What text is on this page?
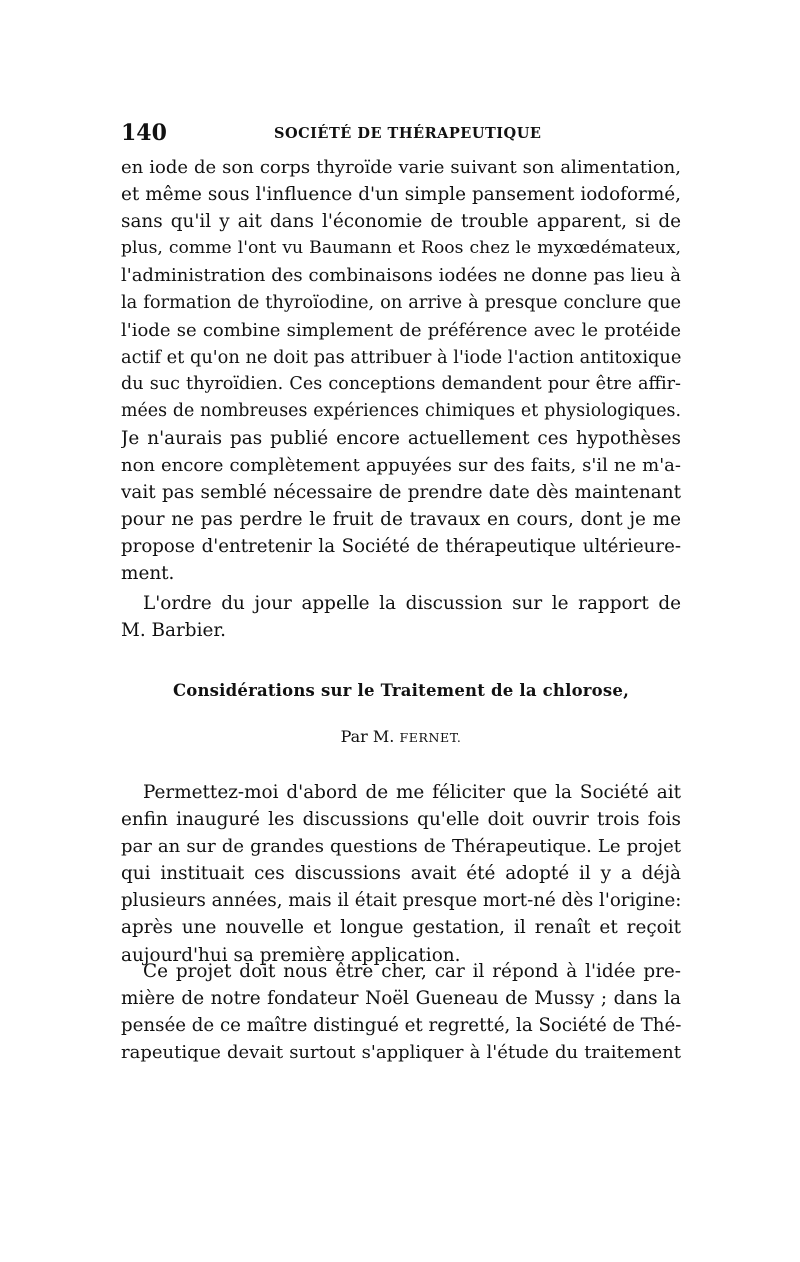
140	SOCIÉTÉ DE THÉRAPEUTIQUE
en iode de son corps thyroïde varie suivant son alimentation,
et même sous l'influence d'un simple pansement iodoformé,
sans qu'il y ait dans l'économie de trouble apparent, si de
plus, comme l'ont vu Baumann et Roos chez le myxœdémateux,
l'administration des combinaisons iodées ne donne pas lieu à
la formation de thyroïodine, on arrive à presque conclure que
l'iode se combine simplement de préférence avec le protéide
actif et qu'on ne doit pas attribuer à l'iode l'action antitoxique
du suc thyroïdien. Ces conceptions demandent pour être affir-
mées de nombreuses expériences chimiques et physiologiques.
Je n'aurais pas publié encore actuellement ces hypothèses
non encore complètement appuyées sur des faits, s'il ne m'a-
vait pas semblé nécessaire de prendre date dès maintenant
pour ne pas perdre le fruit de travaux en cours, dont je me
propose d'entretenir la Société de thérapeutique ultérieure-
ment.
L'ordre du jour appelle la discussion sur le rapport de
M. Barbier.
Considérations sur le Traitement de la chlorose,
Par M. FERNET.
Permettez-moi d'abord de me féliciter que la Société ait
enfin inauguré les discussions qu'elle doit ouvrir trois fois
par an sur de grandes questions de Thérapeutique. Le projet
qui instituait ces discussions avait été adopté il y a déjà
plusieurs années, mais il était presque mort-né dès l'origine:
après une nouvelle et longue gestation, il renaît et reçoit
aujourd'hui sa première application.
Ce projet doit nous être cher, car il répond à l'idée pre-
mière de notre fondateur Noël Gueneau de Mussy ; dans la
pensée de ce maître distingué et regretté, la Société de Thé-
rapeutique devait surtout s'appliquer à l'étude du traitement
